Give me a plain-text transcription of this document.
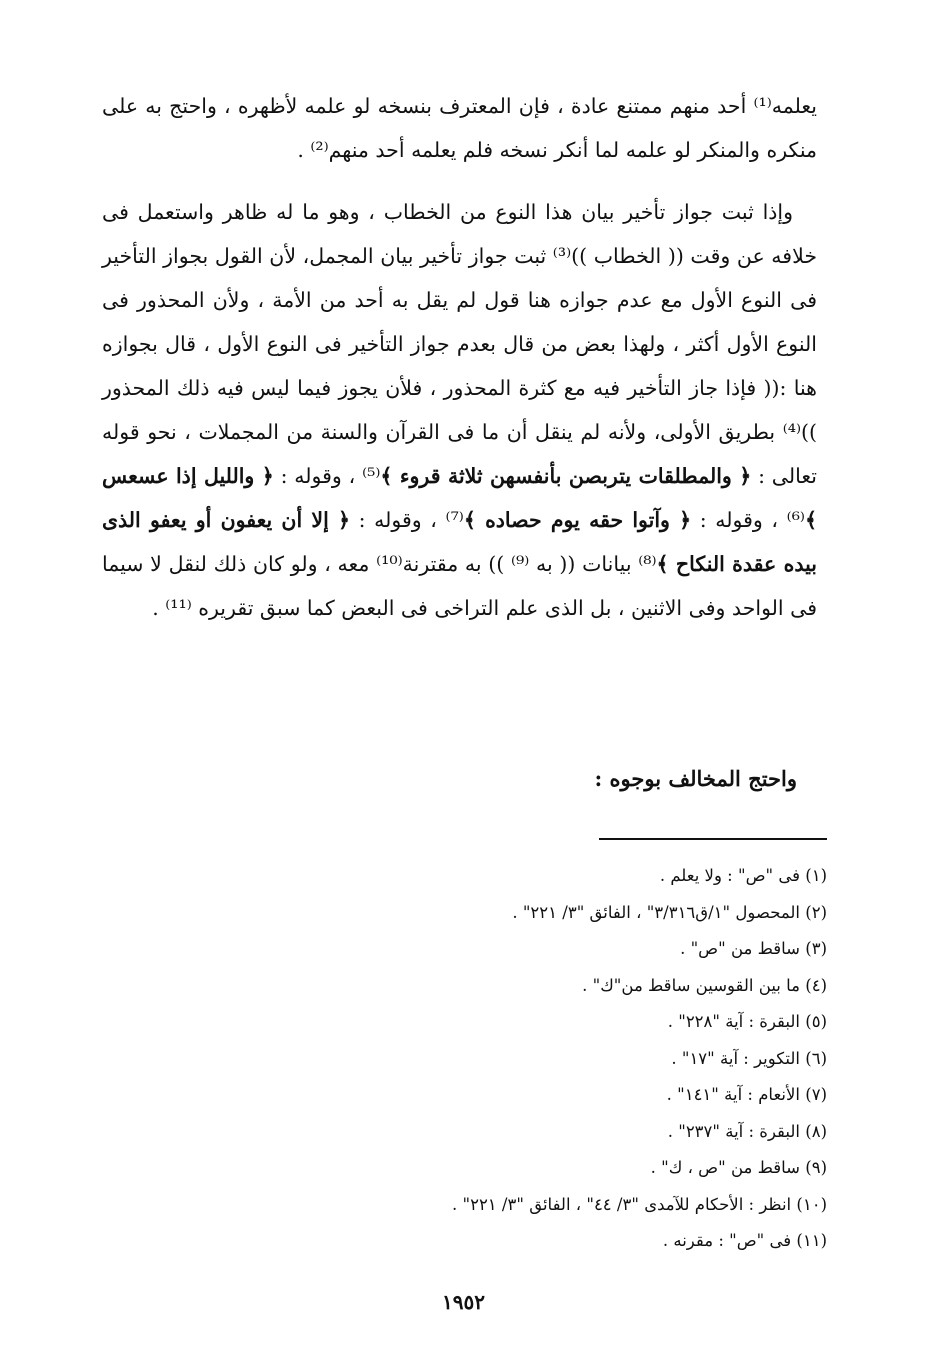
يعلمه⁽¹⁾ أحد منهم ممتنع عادة ، فإن المعترف بنسخه لو علمه لأظهره ، واحتج به على منكره والمنكر لو علمه لما أنكر نسخه فلم يعلمه أحد منهم⁽²⁾ .

وإذا ثبت جواز تأخير بيان هذا النوع من الخطاب ، وهو ما له ظاهر واستعمل فى خلافه عن وقت (( الخطاب ))⁽³⁾ ثبت جواز تأخير بيان المجمل، لأن القول بجواز التأخير فى النوع الأول مع عدم جوازه هنا قول لم يقل به أحد من الأمة ، ولأن المحذور فى النوع الأول أكثر ، ولهذا بعض من قال بعدم جواز التأخير فى النوع الأول ، قال بجوازه هنا :(( فإذا جاز التأخير فيه مع كثرة المحذور ، فلأن يجوز فيما ليس فيه ذلك المحذور ))⁽⁴⁾ بطريق الأولى، ولأنه لم ينقل أن ما فى القرآن والسنة من المجملات ، نحو قوله تعالى : ﴿ والمطلقات يتربصن بأنفسهن ثلاثة قروء ﴾⁽⁵⁾ ، وقوله : ﴿ والليل إذا عسعس ﴾⁽⁶⁾ ، وقوله : ﴿ وآتوا حقه يوم حصاده ﴾⁽⁷⁾ ، وقوله : ﴿ إلا أن يعفون أو يعفو الذى بيده عقدة النكاح ﴾⁽⁸⁾ بيانات (( به ⁽⁹⁾ )) به مقترنة⁽¹⁰⁾ معه ، ولو كان ذلك لنقل لا سيما فى الواحد وفى الاثنين ، بل الذى علم التراخى فى البعض كما سبق تقريره ⁽¹¹⁾ .

واحتج المخالف بوجوه :
(١) فى "ص" : ولا يعلم .
(٢) المحصول "١/ق٣/٣١٦" ، الفائق "٣/ ٢٢١" .
(٣) ساقط من "ص" .
(٤) ما بين القوسين ساقط من"ك" .
(٥) البقرة : آية "٢٢٨" .
(٦) التكوير : آية "١٧" .
(٧) الأنعام : آية "١٤١" .
(٨) البقرة : آية "٢٣٧" .
(٩) ساقط من "ص ، ك" .
(١٠) انظر : الأحكام للآمدى "٣/ ٤٤" ، الفائق "٣/ ٢٢١" .
(١١) فى "ص" : مقرنه .
١٩٥٢
